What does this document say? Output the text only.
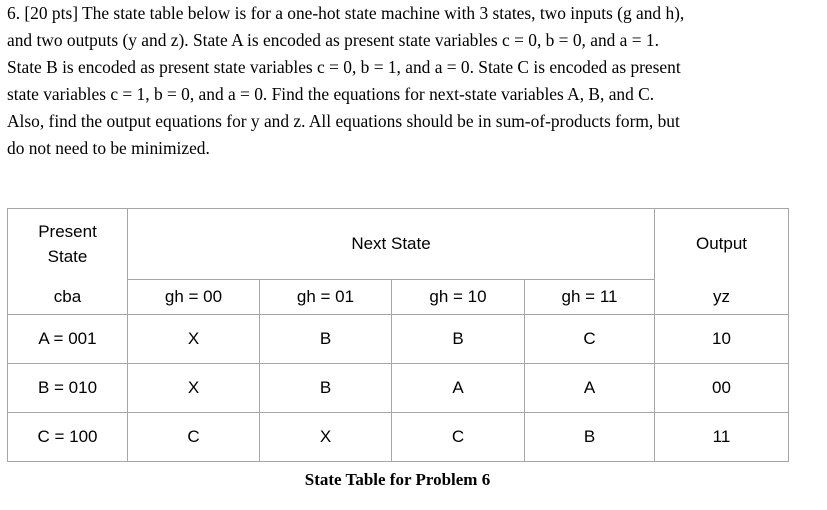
6. [20 pts] The state table below is for a one-hot state machine with 3 states, two inputs (g and h),
and two outputs (y and z). State A is encoded as present state variables c = 0, b = 0, and a = 1.
State B is encoded as present state variables c = 0, b = 1, and a = 0. State C is encoded as present
state variables c = 1, b = 0, and a = 0. Find the equations for next-state variables A, B, and C.
Also, find the output equations for y and z. All equations should be in sum-of-products form, but
do not need to be minimized.
Present
State	Next State				Output
cba	gh = 00	gh = 01	gh = 10	gh = 11	yz
A = 001	X	B	B	C	10
B = 010	X	B	A	A	00
C = 100	C	X	C	B	11
State Table for Problem 6
